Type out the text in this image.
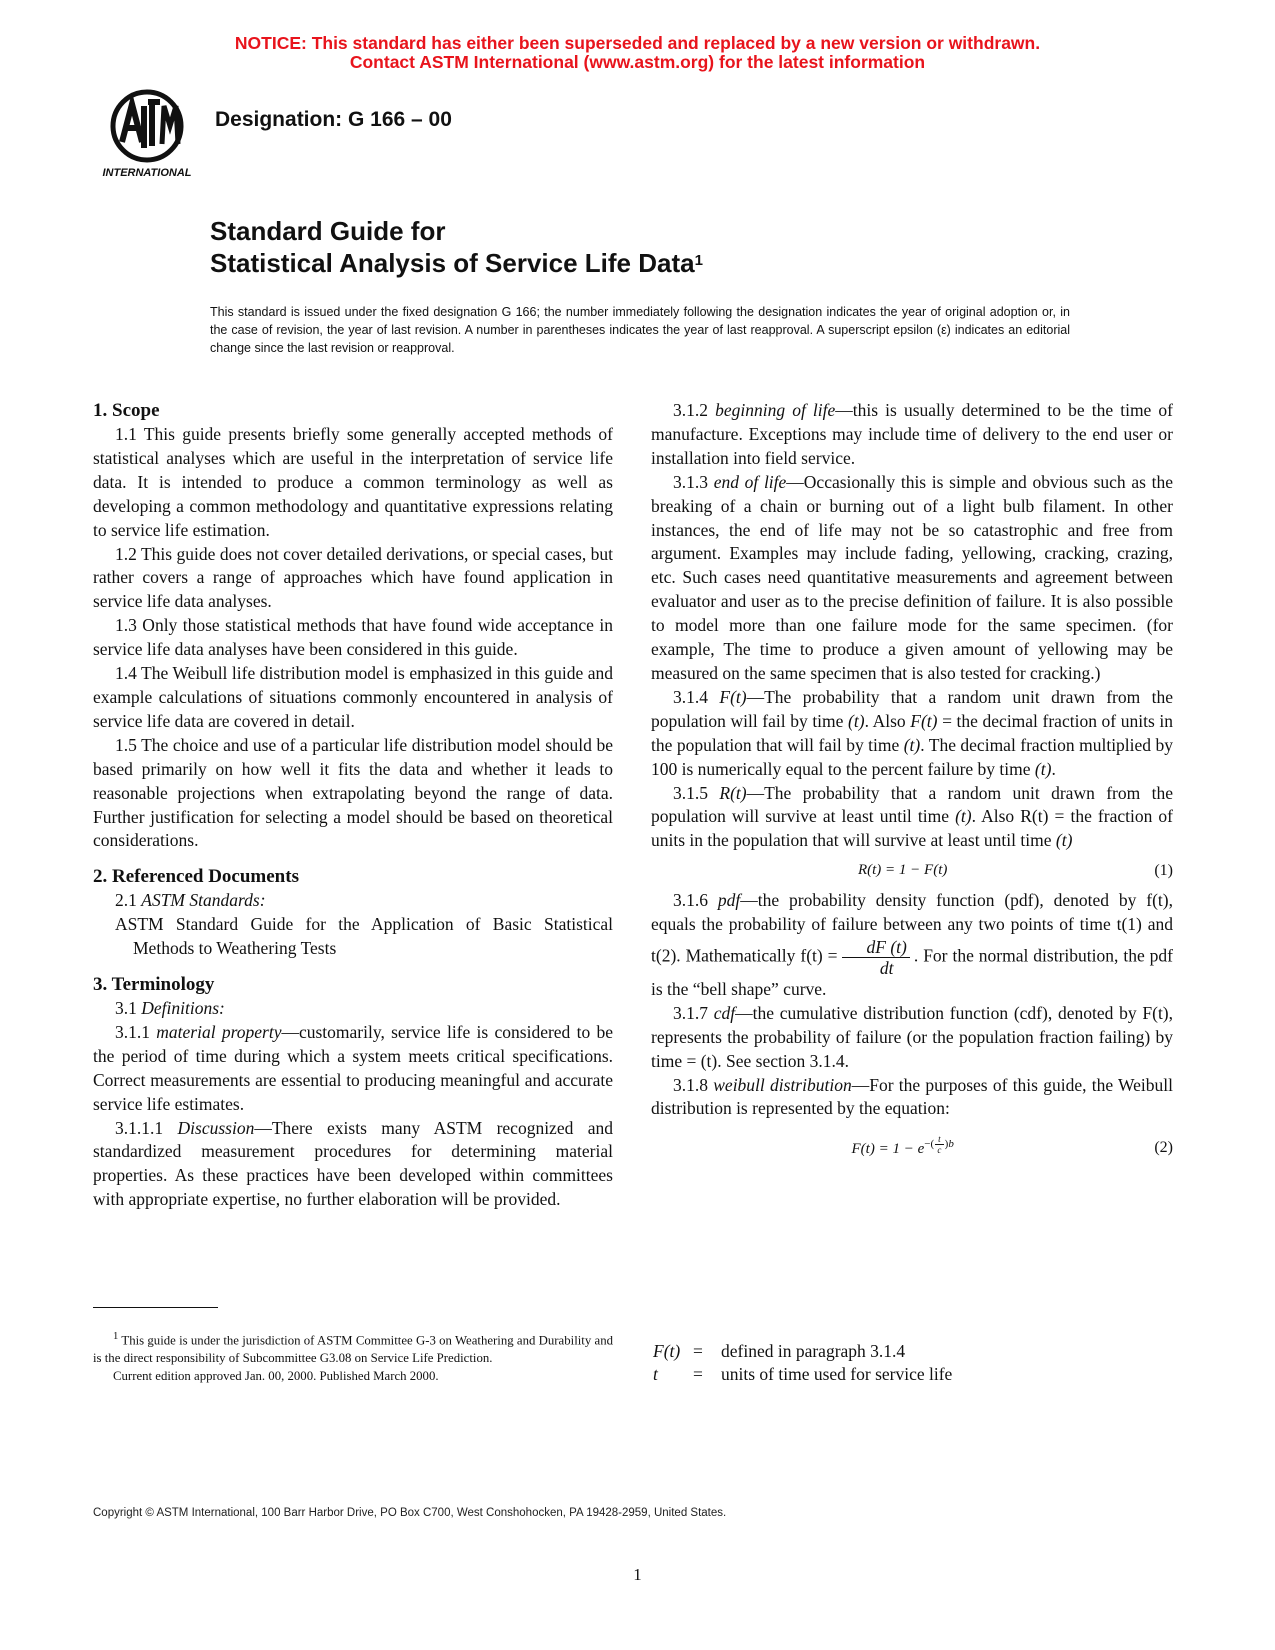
NOTICE: This standard has either been superseded and replaced by a new version or withdrawn.
Contact ASTM International (www.astm.org) for the latest information
INTERNATIONAL
Designation: G 166 – 00
Standard Guide for
Statistical Analysis of Service Life Data$^1$
This standard is issued under the fixed designation G 166; the number immediately following the designation indicates the year of original adoption or, in the case of revision, the year of last revision. A number in parentheses indicates the year of last reapproval. A superscript epsilon (ε) indicates an editorial change since the last revision or reapproval.
1. Scope

1.1 This guide presents briefly some generally accepted methods of statistical analyses which are useful in the interpretation of service life data. It is intended to produce a common terminology as well as developing a common methodology and quantitative expressions relating to service life estimation.

1.2 This guide does not cover detailed derivations, or special cases, but rather covers a range of approaches which have found application in service life data analyses.

1.3 Only those statistical methods that have found wide acceptance in service life data analyses have been considered in this guide.

1.4 The Weibull life distribution model is emphasized in this guide and example calculations of situations commonly encountered in analysis of service life data are covered in detail.

1.5 The choice and use of a particular life distribution model should be based primarily on how well it fits the data and whether it leads to reasonable projections when extrapolating beyond the range of data. Further justification for selecting a model should be based on theoretical considerations.

2. Referenced Documents

2.1 ASTM Standards:

ASTM Standard Guide for the Application of Basic Statistical Methods to Weathering Tests

3. Terminology

3.1 Definitions:

3.1.1 material property—customarily, service life is considered to be the period of time during which a system meets critical specifications. Correct measurements are essential to producing meaningful and accurate service life estimates.

3.1.1.1 Discussion—There exists many ASTM recognized and standardized measurement procedures for determining material properties. As these practices have been developed within committees with appropriate expertise, no further elaboration will be provided.

$^1$ This guide is under the jurisdiction of ASTM Committee G-3 on Weathering and Durability and is the direct responsibility of Subcommittee G3.08 on Service Life Prediction.

Current edition approved Jan. 00, 2000. Published March 2000.

3.1.2 beginning of life—this is usually determined to be the time of manufacture. Exceptions may include time of delivery to the end user or installation into field service.

3.1.3 end of life—Occasionally this is simple and obvious such as the breaking of a chain or burning out of a light bulb filament. In other instances, the end of life may not be so catastrophic and free from argument. Examples may include fading, yellowing, cracking, crazing, etc. Such cases need quantitative measurements and agreement between evaluator and user as to the precise definition of failure. It is also possible to model more than one failure mode for the same specimen. (for example, The time to produce a given amount of yellowing may be measured on the same specimen that is also tested for cracking.)

3.1.4 F(t)—The probability that a random unit drawn from the population will fail by time (t). Also F(t) = the decimal fraction of units in the population that will fail by time (t). The decimal fraction multiplied by 100 is numerically equal to the percent failure by time (t).

3.1.5 R(t)—The probability that a random unit drawn from the population will survive at least until time (t). Also R(t) = the fraction of units in the population that will survive at least until time (t)

R(t) = 1 − F(t)	(1)

3.1.6 pdf—the probability density function (pdf), denoted by f(t), equals the probability of failure between any two points of time t(1) and t(2). Mathematically $f(t) = \frac{dF (t)}{dt}$ . For the normal distribution, the pdf is the “bell shape” curve.

3.1.7 cdf—the cumulative distribution function (cdf), denoted by F(t), represents the probability of failure (or the population fraction failing) by time = (t). See section 3.1.4.

3.1.8 weibull distribution—For the purposes of this guide, the Weibull distribution is represented by the equation:

$F(t) = 1 - e^{-( \frac{t}{c} )b}$	(2)
F(t)	=	defined in paragraph 3.1.4
t	=	units of time used for service life
Copyright © ASTM International, 100 Barr Harbor Drive, PO Box C700, West Conshohocken, PA 19428-2959, United States.
1
